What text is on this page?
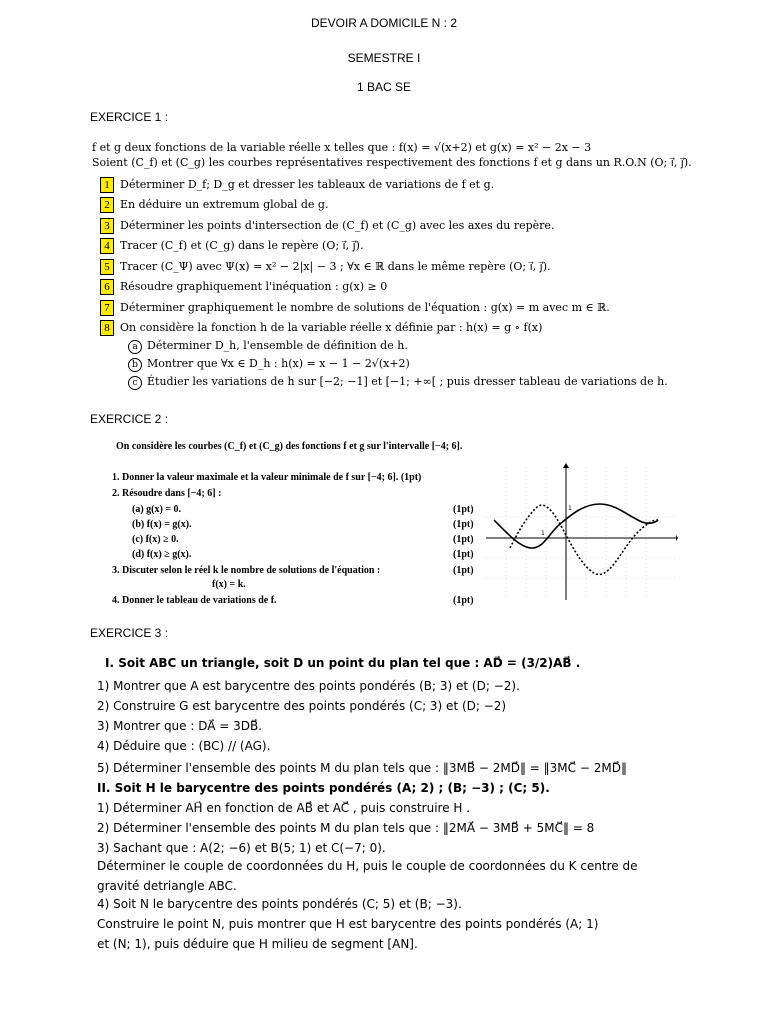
DEVOIR A DOMICILE N : 2
SEMESTRE I
1 BAC SE
EXERCICE 1 :
f et g deux fonctions de la variable réelle x telles que : f(x) = √(x+2) et g(x) = x² − 2x − 3
Soient (C_f) et (C_g) les courbes représentatives respectivement des fonctions f et g dans un R.O.N (O; i⃗, j⃗).
1 Déterminer D_f; D_g et dresser les tableaux de variations de f et g.
2 En déduire un extremum global de g.
3 Déterminer les points d'intersection de (C_f) et (C_g) avec les axes du repère.
4 Tracer (C_f) et (C_g) dans le repère (O; i⃗, j⃗).
5 Tracer (C_Ψ) avec Ψ(x) = x² − 2|x| − 3 ; ∀x ∈ ℝ dans le même repère (O; i⃗, j⃗).
6 Résoudre graphiquement l'inéquation : g(x) ≥ 0
7 Déterminer graphiquement le nombre de solutions de l'équation : g(x) = m avec m ∈ ℝ.
8 On considère la fonction h de la variable réelle x définie par : h(x) = g ∘ f(x)
a Déterminer D_h, l'ensemble de définition de h.
b Montrer que ∀x ∈ D_h : h(x) = x − 1 − 2√(x+2)
c Étudier les variations de h sur [−2; −1] et [−1; +∞[ ; puis dresser tableau de variations de h.
EXERCICE 2 :
On considère les courbes (C_f) et (C_g) des fonctions f et g sur l'intervalle [−4; 6].
1. Donner la valeur maximale et la valeur minimale de f sur [−4; 6]. (1pt)
2. Résoudre dans [−4; 6] :
(a) g(x) = 0.	(1pt)
(b) f(x) = g(x).	(1pt)
(c) f(x) ≥ 0.	(1pt)
(d) f(x) ≥ g(x).	(1pt)
3. Discuter selon le réel k le nombre de solutions de l'équation :	(1pt)
f(x) = k.
4. Donner le tableau de variations de f.	(1pt)
1
1
EXERCICE 3 :
I. Soit ABC un triangle, soit D un point du plan tel que : AD⃗ = (3/2)AB⃗ .
1) Montrer que A est barycentre des points pondérés (B; 3) et (D; −2).
2) Construire G est barycentre des points pondérés (C; 3) et (D; −2)
3) Montrer que : DA⃗ = 3DB⃗.
4) Déduire que : (BC) // (AG).
5) Déterminer l'ensemble des points M du plan tels que : ‖3MB⃗ − 2MD⃗‖ = ‖3MC⃗ − 2MD⃗‖
II. Soit H le barycentre des points pondérés (A; 2) ; (B; −3) ; (C; 5).
1) Déterminer AH⃗ en fonction de AB⃗ et AC⃗ , puis construire H .
2) Déterminer l'ensemble des points M du plan tels que : ‖2MA⃗ − 3MB⃗ + 5MC⃗‖ = 8
3) Sachant que : A(2; −6) et B(5; 1) et C(−7; 0).
Déterminer le couple de coordonnées du H, puis le couple de coordonnées du K centre de
gravité detriangle ABC.
4) Soit N le barycentre des points pondérés (C; 5) et (B; −3).
Construire le point N, puis montrer que H est barycentre des points pondérés (A; 1)
et (N; 1), puis déduire que H milieu de segment [AN].
